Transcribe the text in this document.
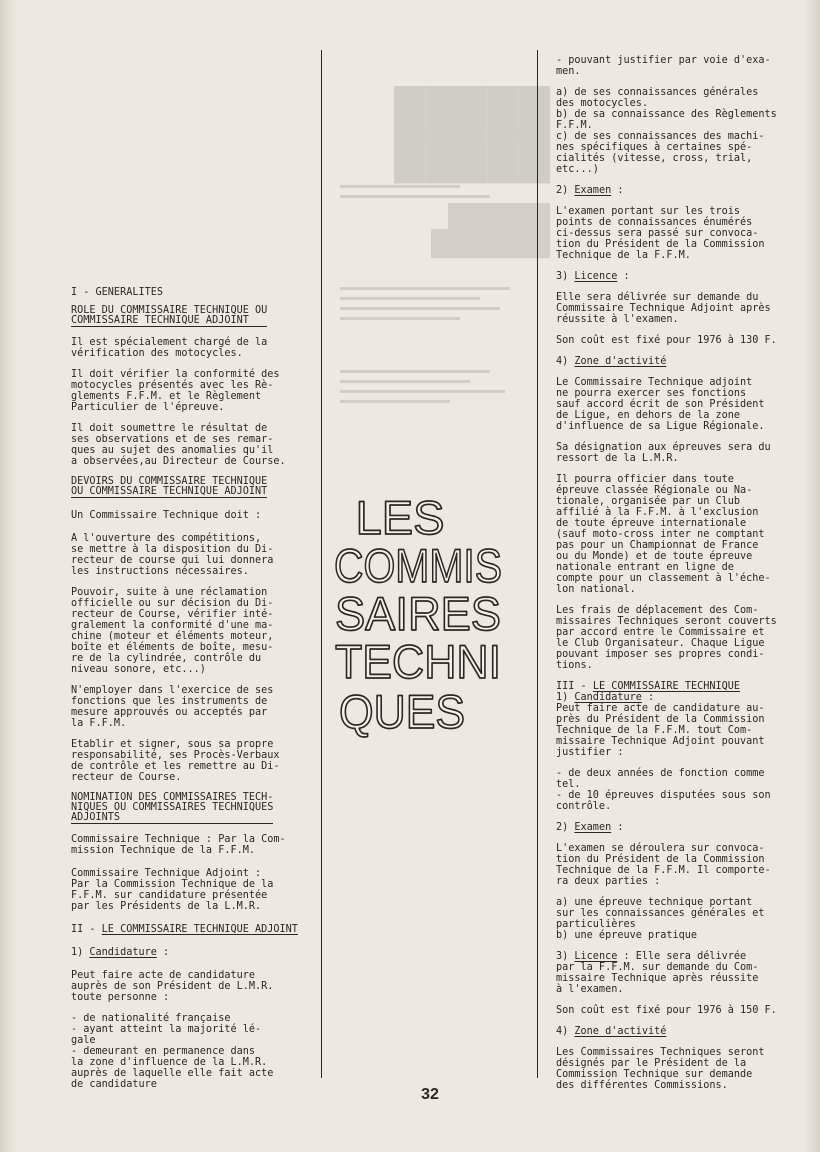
█████
█████
██████
███████

I - GENERALITES

ROLE DU COMMISSAIRE TECHNIQUE OU
COMMISSAIRE TECHNIQUE ADJOINT

Il est spécialement chargé de la
vérification des motocycles.

Il doit vérifier la conformité des
motocycles présentés avec les Rè-
glements F.F.M. et le Règlement
Particulier de l'épreuve.

Il doit soumettre le résultat de
ses observations et de ses remar-
ques au sujet des anomalies qu'il
a observées,au Directeur de Course.

DEVOIRS DU COMMISSAIRE TECHNIQUE
OU COMMISSAIRE TECHNIQUE ADJOINT

Un Commissaire Technique doit :

A l'ouverture des compétitions,
se mettre à la disposition du Di-
recteur de course qui lui donnera
les instructions nécessaires.

Pouvoir, suite à une réclamation
officielle ou sur décision du Di-
recteur de Course, vérifier inté-
gralement la conformité d'une ma-
chine (moteur et éléments moteur,
boîte et éléments de boîte, mesu-
re de la cylindrée, contrôle du
niveau sonore, etc...)

N'employer dans l'exercice de ses
fonctions que les instruments de
mesure approuvés ou acceptés par
la F.F.M.

Etablir et signer, sous sa propre
responsabilité, ses Procès-Verbaux
de contrôle et les remettre au Di-
recteur de Course.

NOMINATION DES COMMISSAIRES TECH-
NIQUES OU COMMISSAIRES TECHNIQUES
ADJOINTS

Commissaire Technique : Par la Com-
mission Technique de la F.F.M.

Commissaire Technique Adjoint :
Par la Commission Technique de la
F.F.M. sur candidature présentée
par les Présidents de la L.M.R.

II - LE COMMISSAIRE TECHNIQUE ADJOINT

1) Candidature :

Peut faire acte de candidature
auprès de son Président de L.M.R.
toute personne :

- de nationalité française
- ayant atteint la majorité lé-
gale
- demeurant en permanence dans
la zone d'influence de la L.M.R.
auprès de laquelle elle fait acte
de candidature

LES
COMMIS
SAIRES
TECHNI
QUES

- pouvant justifier par voie d'exa-
men.

a) de ses connaissances générales
des motocycles.
b) de sa connaissance des Règlements
F.F.M.
c) de ses connaissances des machi-
nes spécifiques à certaines spé-
cialités (vitesse, cross, trial,
etc...)

2) Examen :

L'examen portant sur les trois
points de connaissances énumérés
ci-dessus sera passé sur convoca-
tion du Président de la Commission
Technique de la F.F.M.

3) Licence :

Elle sera délivrée sur demande du
Commissaire Technique Adjoint après
réussite à l'examen.

Son coût est fixé pour 1976 à 130 F.

4) Zone d'activité

Le Commissaire Technique adjoint
ne pourra exercer ses fonctions
sauf accord écrit de son Président
de Ligue, en dehors de la zone
d'influence de sa Ligue Régionale.

Sa désignation aux épreuves sera du
ressort de la L.M.R.

Il pourra officier dans toute
épreuve classée Régionale ou Na-
tionale, organisée par un Club
affilié à la F.F.M. à l'exclusion
de toute épreuve internationale
(sauf moto-cross inter ne comptant
pas pour un Championnat de France
ou du Monde) et de toute épreuve
nationale entrant en ligne de
compte pour un classement à l'éche-
lon national.

Les frais de déplacement des Com-
missaires Techniques seront couverts
par accord entre le Commissaire et
le Club Organisateur. Chaque Ligue
pouvant imposer ses propres condi-
tions.

III - LE COMMISSAIRE TECHNIQUE

1) Candidature :

Peut faire acte de candidature au-
près du Président de la Commission
Technique de la F.F.M. tout Com-
missaire Technique Adjoint pouvant
justifier :

- de deux années de fonction comme
tel.
- de 10 épreuves disputées sous son
contrôle.

2) Examen :

L'examen se déroulera sur convoca-
tion du Président de la Commission
Technique de la F.F.M. Il comporte-
ra deux parties :

a) une épreuve technique portant
sur les connaissances générales et
particulières
b) une épreuve pratique

3) Licence : Elle sera délivrée
par la F.F.M. sur demande du Com-
missaire Technique après réussite
à l'examen.

Son coût est fixé pour 1976 à 150 F.

4) Zone d'activité

Les Commissaires Techniques seront
désignés par le Président de la
Commission Technique sur demande
des différentes Commissions.

32
